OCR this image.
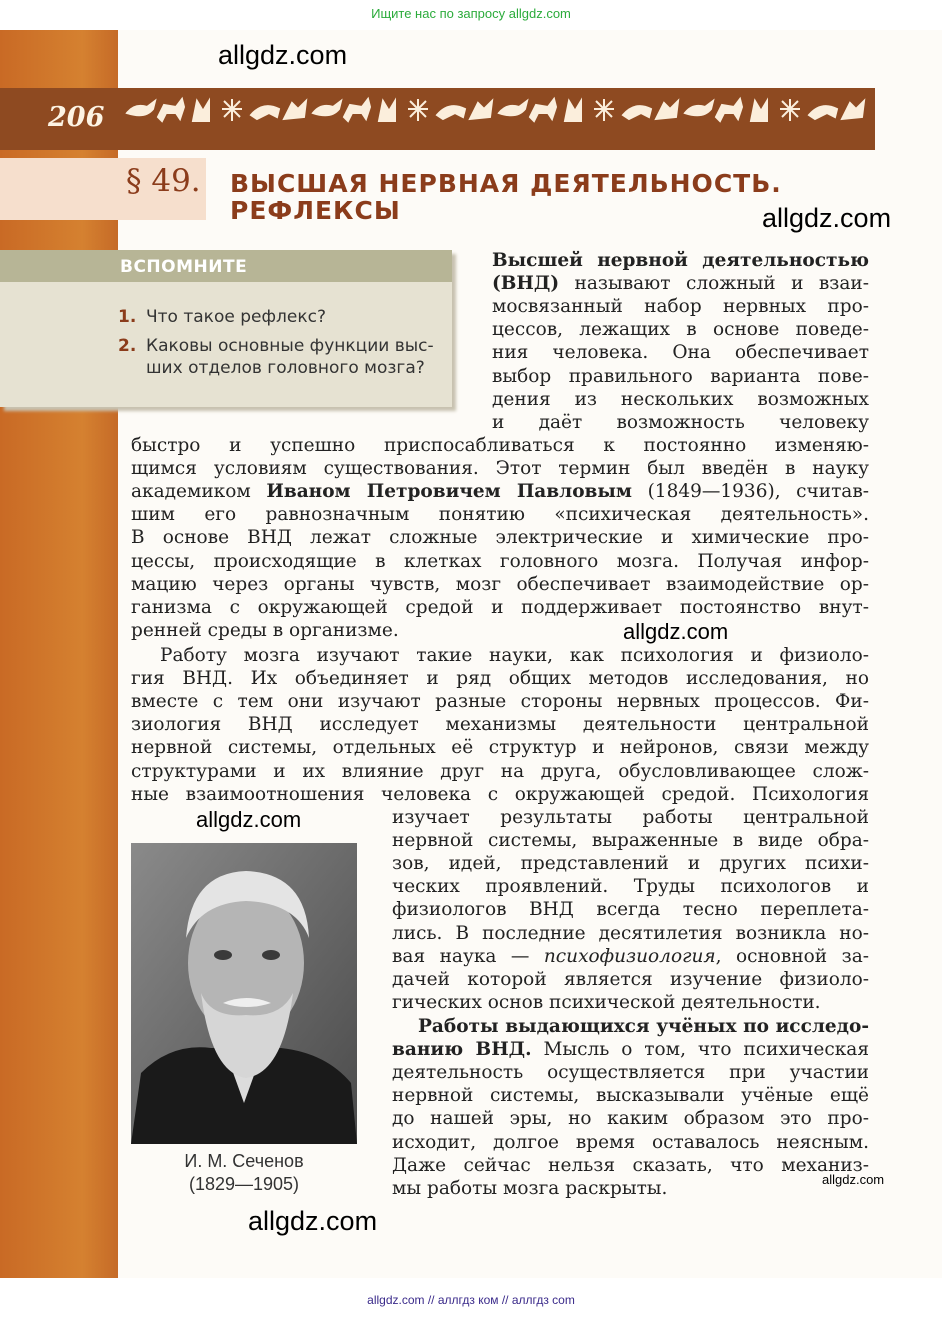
Ищите нас по запросу allgdz.com
206
§ 49. ВЫСШАЯ НЕРВНАЯ ДЕЯТЕЛЬНОСТЬ.
РЕФЛЕКСЫ
ВСПОМНИТЕ
1. Что такое рефлекс?
2. Каковы основные функции выс-
ших отделов головного мозга?
Высшей нервной деятельностью
(ВНД) называют сложный и взаи-
мосвязанный набор нервных про-
цессов, лежащих в основе поведе-
ния человека. Она обеспечивает
выбор правильного варианта пове-
дения из нескольких возможных
и даёт возможность человеку
быстро и успешно приспосабливаться к постоянно изменяю-
щимся условиям существования. Этот термин был введён в науку
академиком Иваном Петровичем Павловым (1849—1936), считав-
шим его равнозначным понятию «психическая деятельность».
В основе ВНД лежат сложные электрические и химические про-
цессы, происходящие в клетках головного мозга. Получая инфор-
мацию через органы чувств, мозг обеспечивает взаимодействие ор-
ганизма с окружающей средой и поддерживает постоянство внут-
ренней среды в организме.
Работу мозга изучают такие науки, как психология и физиоло-
гия ВНД. Их объединяет и ряд общих методов исследования, но
вместе с тем они изучают разные стороны нервных процессов. Фи-
зиология ВНД исследует механизмы деятельности центральной
нервной системы, отдельных её структур и нейронов, связи между
структурами и их влияние друг на друга, обусловливающее слож-
ные взаимоотношения человека с окружающей средой. Психология
изучает результаты работы центральной
нервной системы, выраженные в виде обра-
зов, идей, представлений и других психи-
ческих проявлений. Труды психологов и
физиологов ВНД всегда тесно переплета-
лись. В последние десятилетия возникла но-
вая наука — психофизиология, основной за-
дачей которой является изучение физиоло-
гических основ психической деятельности.
Работы выдающихся учёных по исследо-
ванию ВНД. Мысль о том, что психическая
деятельность осуществляется при участии
нервной системы, высказывали учёные ещё
до нашей эры, но каким образом это про-
исходит, долгое время оставалось неясным.
Даже сейчас нельзя сказать, что механиз-
мы работы мозга раскрыты.
И. М. Сеченов
(1829—1905)
allgdz.com
allgdz.com
allgdz.com
allgdz.com
allgdz.com
allgdz.com
allgdz.com // аллгдз ком // аллгдз com
